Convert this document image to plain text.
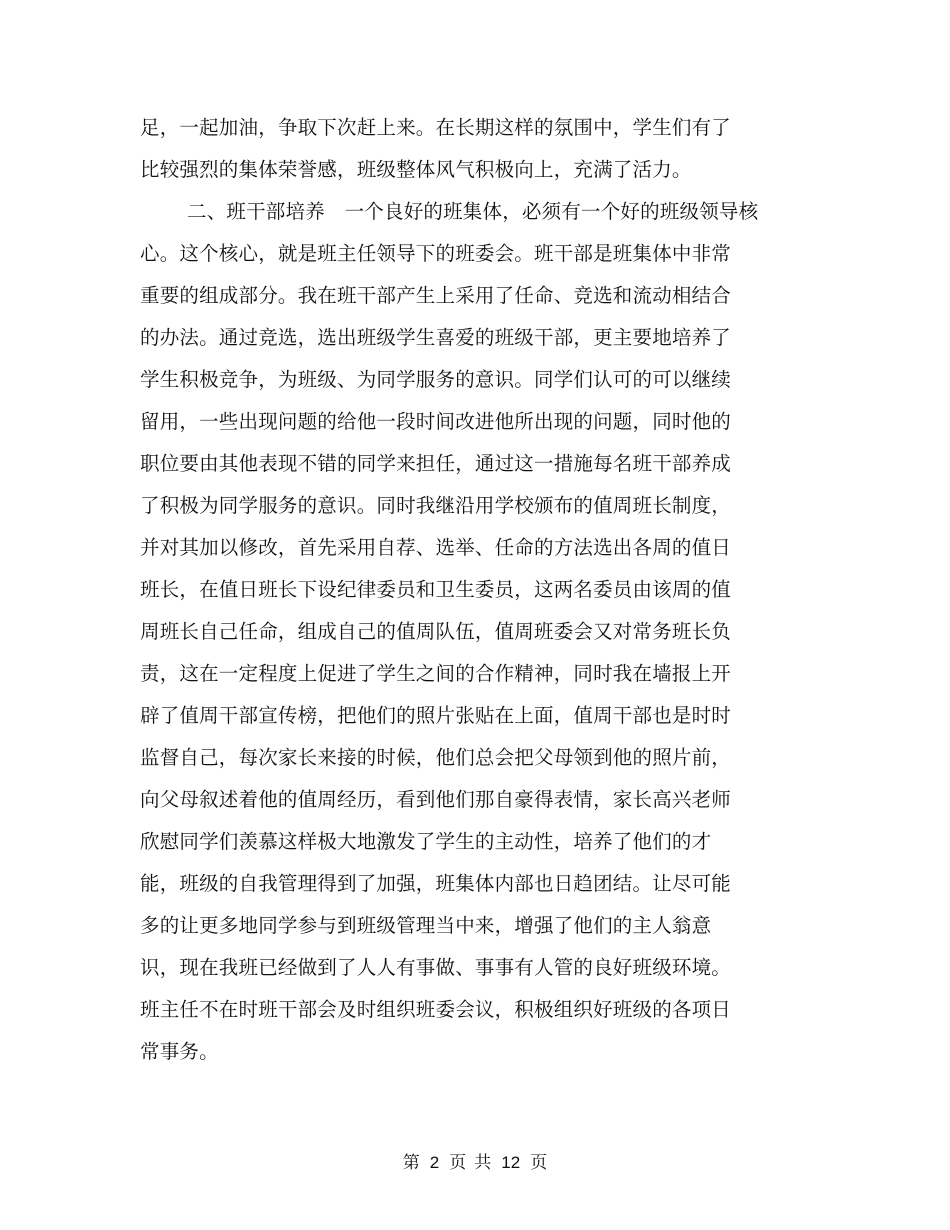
足，一起加油，争取下次赶上来。在长期这样的氛围中，学生们有了
比较强烈的集体荣誉感，班级整体风气积极向上，充满了活力。
二、班干部培养　一个良好的班集体，必须有一个好的班级领导核
心。这个核心，就是班主任领导下的班委会。班干部是班集体中非常
重要的组成部分。我在班干部产生上采用了任命、竞选和流动相结合
的办法。通过竞选，选出班级学生喜爱的班级干部，更主要地培养了
学生积极竞争，为班级、为同学服务的意识。同学们认可的可以继续
留用，一些出现问题的给他一段时间改进他所出现的问题，同时他的
职位要由其他表现不错的同学来担任，通过这一措施每名班干部养成
了积极为同学服务的意识。同时我继沿用学校颁布的值周班长制度，
并对其加以修改，首先采用自荐、选举、任命的方法选出各周的值日
班长，在值日班长下设纪律委员和卫生委员，这两名委员由该周的值
周班长自己任命，组成自己的值周队伍，值周班委会又对常务班长负
责，这在一定程度上促进了学生之间的合作精神，同时我在墙报上开
辟了值周干部宣传榜，把他们的照片张贴在上面，值周干部也是时时
监督自己，每次家长来接的时候，他们总会把父母领到他的照片前，
向父母叙述着他的值周经历，看到他们那自豪得表情，家长高兴老师
欣慰同学们羡慕这样极大地激发了学生的主动性，培养了他们的才
能，班级的自我管理得到了加强，班集体内部也日趋团结。让尽可能
多的让更多地同学参与到班级管理当中来，增强了他们的主人翁意
识，现在我班已经做到了人人有事做、事事有人管的良好班级环境。
班主任不在时班干部会及时组织班委会议，积极组织好班级的各项日
常事务。
第 2 页 共 12 页
